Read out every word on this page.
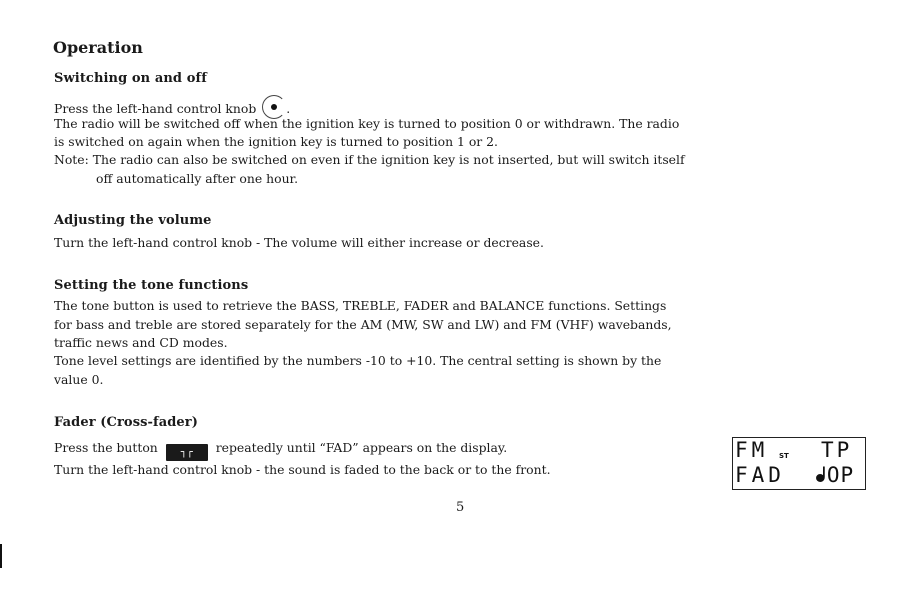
Operation
Switching on and off
Press the left-hand control knob .
The radio will be switched off when the ignition key is turned to position 0 or withdrawn. The radio
is switched on again when the ignition key is turned to position 1 or 2.
Note: The radio can also be switched on even if the ignition key is not inserted, but will switch itself
off automatically after one hour.
Adjusting the volume
Turn the left-hand control knob - The volume will either increase or decrease.
Setting the tone functions
The tone button is used to retrieve the BASS, TREBLE, FADER and BALANCE functions. Settings
for bass and treble are stored separately for the AM (MW, SW and LW) and FM (VHF) wavebands,
traffic news and CD modes.
Tone level settings are identified by the numbers -10 to +10. The central setting is shown by the
value 0.
Fader (Cross-fader)
Press the button ┐┌ repeatedly until “FAD” appears on the display.
Turn the left-hand control knob - the sound is faded to the back or to the front.
5
FM ST TP
FAD ᖱOP
